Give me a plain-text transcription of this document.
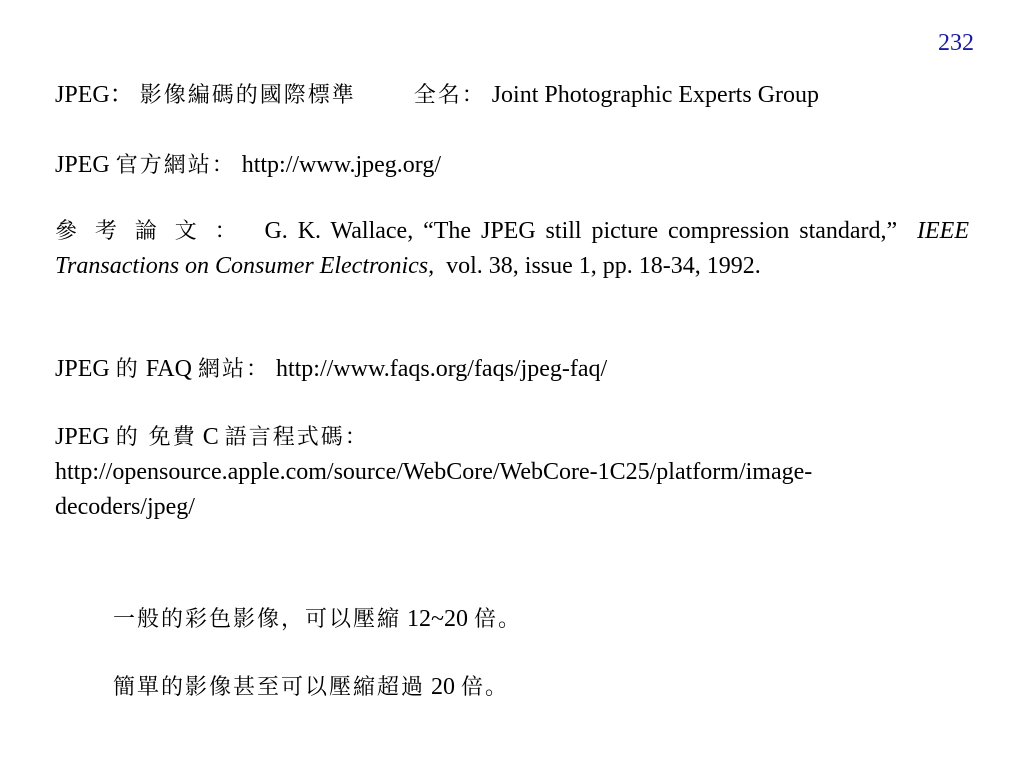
232
JPEG： 影像編碼的國際標準	全名： Joint Photographic Experts Group
JPEG 官方網站： http://www.jpeg.org/
參考論文： G. K. Wallace, “The JPEG still picture compression standard,” IEEE Transactions on Consumer Electronics, vol. 38, issue 1, pp. 18-34, 1992.
JPEG 的 FAQ 網站： http://www.faqs.org/faqs/jpeg-faq/
JPEG 的 免費 C 語言程式碼：
http://opensource.apple.com/source/WebCore/WebCore-1C25/platform/image-
decoders/jpeg/
一般的彩色影像，可以壓縮 12~20 倍。
簡單的影像甚至可以壓縮超過 20 倍。
